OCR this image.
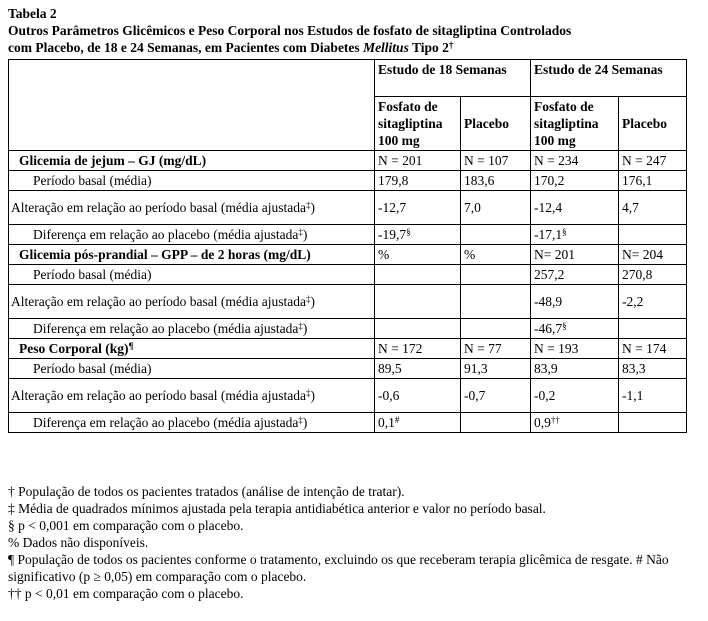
Tabela 2
Outros Parâmetros Glicêmicos e Peso Corporal nos Estudos de fosfato de sitagliptina Controlados
com Placebo, de 18 e 24 Semanas, em Pacientes com Diabetes Mellitus Tipo 2†
	Estudo de 18 Semanas		Estudo de 24 Semanas	
	Fosfato de sitagliptina 100 mg	Placebo	Fosfato de sitagliptina 100 mg	Placebo
Glicemia de jejum – GJ (mg/dL)	N = 201	N = 107	N = 234	N = 247
Período basal (média)	179,8	183,6	170,2	176,1
Alteração em relação ao período basal (média ajustada‡)	-12,7	7,0	-12,4	4,7
Diferença em relação ao placebo (média ajustada‡)	-19,7§		-17,1§	
Glicemia pós-prandial – GPP – de 2 horas (mg/dL)	%	%	N= 201	N= 204
Período basal (média)			257,2	270,8
Alteração em relação ao período basal (média ajustada‡)			-48,9	-2,2
Diferença em relação ao placebo (média ajustada‡)			-46,7§	
Peso Corporal (kg)¶	N = 172	N = 77	N = 193	N = 174
Período basal (média)	89,5	91,3	83,9	83,3
Alteração em relação ao período basal (média ajustada‡)	-0,6	-0,7	-0,2	-1,1
Diferença em relação ao placebo (média ajustada‡)	0,1#		0,9††	
† População de todos os pacientes tratados (análise de intenção de tratar).
‡ Média de quadrados mínimos ajustada pela terapia antidiabética anterior e valor no período basal.
§ p < 0,001 em comparação com o placebo.
% Dados não disponíveis.
¶ População de todos os pacientes conforme o tratamento, excluindo os que receberam terapia glicêmica de resgate. # Não significativo (p ≥ 0,05) em comparação com o placebo.
†† p < 0,01 em comparação com o placebo.
